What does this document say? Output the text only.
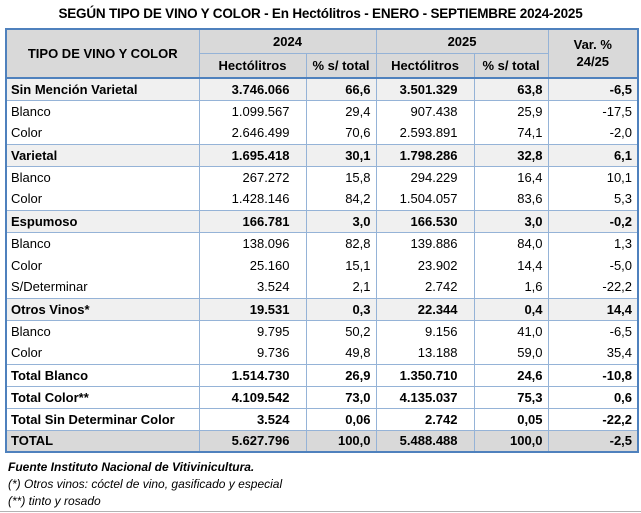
SEGÚN TIPO DE VINO Y COLOR - En Hectólitros - ENERO - SEPTIEMBRE 2024-2025
TIPO DE VINO Y COLOR	2024		2025		Var. %
24/25

	Hectólitros	% s/ total	Hectólitros	% s/ total	
Sin Mención Varietal	3.746.066	66,6	3.501.329	63,8	-6,5
Blanco	1.099.567	29,4	907.438	25,9	-17,5
Color	2.646.499	70,6	2.593.891	74,1	-2,0
Varietal	1.695.418	30,1	1.798.286	32,8	6,1
Blanco	267.272	15,8	294.229	16,4	10,1
Color	1.428.146	84,2	1.504.057	83,6	5,3
Espumoso	166.781	3,0	166.530	3,0	-0,2
Blanco	138.096	82,8	139.886	84,0	1,3
Color	25.160	15,1	23.902	14,4	-5,0
S/Determinar	3.524	2,1	2.742	1,6	-22,2
Otros Vinos*	19.531	0,3	22.344	0,4	14,4
Blanco	9.795	50,2	9.156	41,0	-6,5
Color	9.736	49,8	13.188	59,0	35,4
Total Blanco	1.514.730	26,9	1.350.710	24,6	-10,8
Total Color**	4.109.542	73,0	4.135.037	75,3	0,6
Total Sin Determinar Color	3.524	0,06	2.742	0,05	-22,2
TOTAL	5.627.796	100,0	5.488.488	100,0	-2,5
Fuente Instituto Nacional de Vitivinicultura.
(*) Otros vinos: cóctel de vino, gasificado y especial
(**) tinto y rosado
